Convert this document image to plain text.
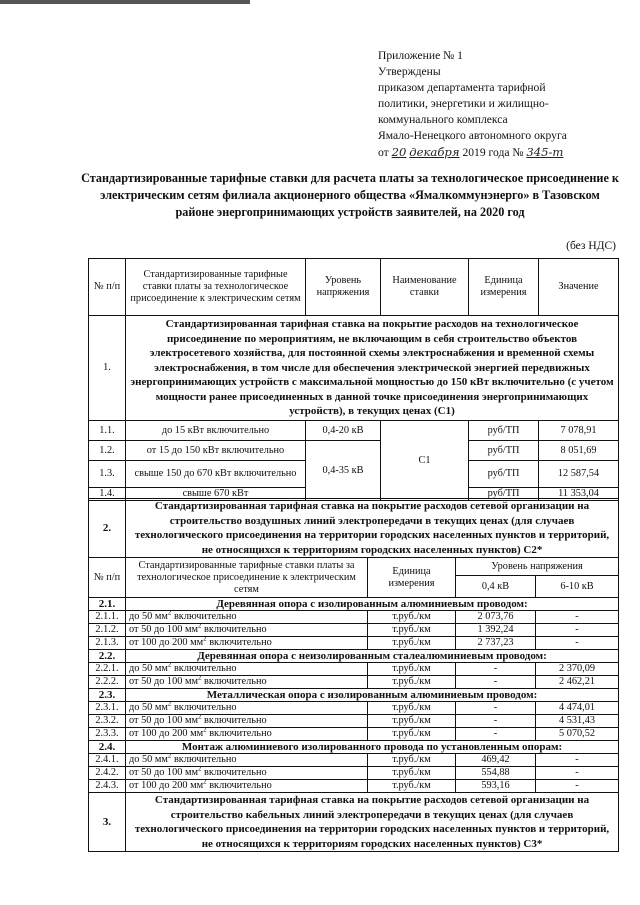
Приложение № 1
Утверждены
приказом департамента тарифной
политики, энергетики и жилищно-
коммунального комплекса
Ямало-Ненецкого автономного округа
от 20 декабря 2019 года № 345-т
Стандартизированные тарифные ставки для расчета платы за технологическое присоединение к электрическим сетям филиала акционерного общества «Ямалкоммунэнерго» в Тазовском районе энергопринимающих устройств заявителей, на 2020 год
(без НДС)
№ п/п	Стандартизированные тарифные ставки платы за технологическое присоединение к электрическим сетям	Уровень напряжения	Наименование ставки	Единица измерения	Значение
1.	Стандартизированная тарифная ставка на покрытие расходов на технологическое присоединение по мероприятиям, не включающим в себя строительство объектов электросетевого хозяйства, для постоянной схемы электроснабжения и временной схемы электроснабжения, в том числе для обеспечения электрической энергией передвижных энергопринимающих устройств с максимальной мощностью до 150 кВт включительно (с учетом мощности ранее присоединенных в данной точке присоединения энергопринимающих устройств), в текущих ценах (С1)				
1.1.	до 15 кВт включительно	0,4-20 кВ	С1	руб/ТП	7 078,91
1.2.	от 15 до 150 кВт включительно	0,4-35 кВ		руб/ТП	8 051,69
1.3.	свыше 150 до 670 кВт включительно			руб/ТП	12 587,54
1.4.	свыше 670 кВт			руб/ТП	11 353,04
2.	Стандартизированная тарифная ставка на покрытие расходов сетевой организации на строительство воздушных линий электропередачи в текущих ценах (для случаев технологического присоединения на территории городских населенных пунктов и территорий, не относящихся к территориям городских населенных пунктов) С2*			
№ п/п	Стандартизированные тарифные ставки платы за технологическое присоединение к электрическим сетям	Единица измерения	Уровень напряжения	
			0,4 кВ	6-10 кВ
2.1.	Деревянная опора с изолированным алюминиевым проводом:			
2.1.1.	до 50 $мм^2$ включительно	т.руб./км	2 073,76	-
2.1.2.	от 50 до 100 $мм^2$ включительно	т.руб./км	1 392,24	-
2.1.3.	от 100 до 200 $мм^2$ включительно	т.руб./км	2 737,23	-
2.2.	Деревянная опора с неизолированным сталеалюминиевым проводом:			
2.2.1.	до 50 $мм^2$ включительно	т.руб./км	-	2 370,09
2.2.2.	от 50 до 100 $мм^2$ включительно	т.руб./км	-	2 462,21
2.3.	Металлическая опора с изолированным алюминиевым проводом:			
2.3.1.	до 50 $мм^2$ включительно	т.руб./км	-	4 474,01
2.3.2.	от 50 до 100 $мм^2$ включительно	т.руб./км	-	4 531,43
2.3.3.	от 100 до 200 $мм^2$ включительно	т.руб./км	-	5 070,52
2.4.	Монтаж алюминиевого изолированного провода по установленным опорам:			
2.4.1.	до 50 $мм^2$ включительно	т.руб./км	469,42	-
2.4.2.	от 50 до 100 $мм^2$ включительно	т.руб./км	554,88	-
2.4.3.	от 100 до 200 $мм^2$ включительно	т.руб./км	593,16	-
3.	Стандартизированная тарифная ставка на покрытие расходов сетевой организации на строительство кабельных линий электропередачи в текущих ценах (для случаев технологического присоединения на территории городских населенных пунктов и территорий, не относящихся к территориям городских населенных пунктов) С3*			
